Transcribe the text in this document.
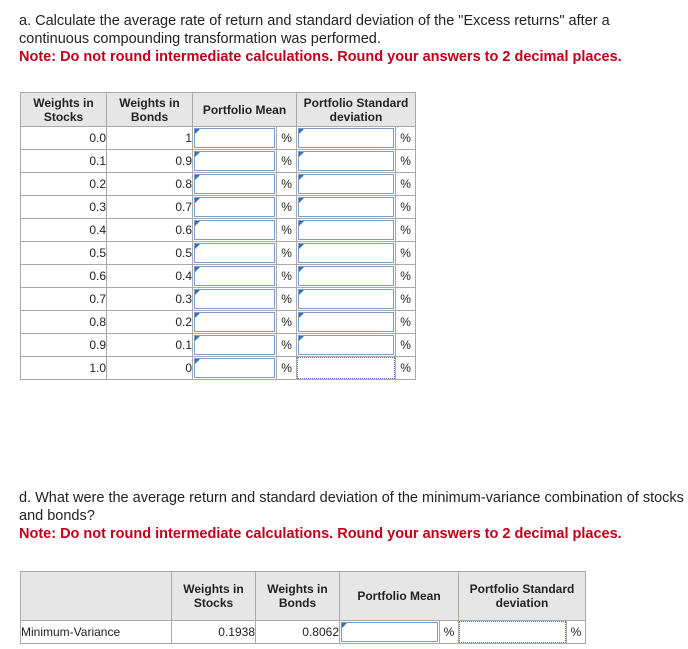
a. Calculate the average rate of return and standard deviation of the "Excess returns" after a continuous compounding transformation was performed.
Note: Do not round intermediate calculations. Round your answers to 2 decimal places.
Weights in Stocks	Weights in Bonds	Portfolio Mean		Portfolio Standard deviation	
0.0	1		%		%
0.1	0.9		%		%
0.2	0.8		%		%
0.3	0.7		%		%
0.4	0.6		%		%
0.5	0.5		%		%
0.6	0.4		%		%
0.7	0.3		%		%
0.8	0.2		%		%
0.9	0.1		%		%
1.0	0		%		%
d. What were the average return and standard deviation of the minimum-variance combination of stocks and bonds?
Note: Do not round intermediate calculations. Round your answers to 2 decimal places.
	Weights in Stocks	Weights in Bonds	Portfolio Mean		Portfolio Standard deviation	
Minimum-Variance	0.1938	0.8062		%		%
